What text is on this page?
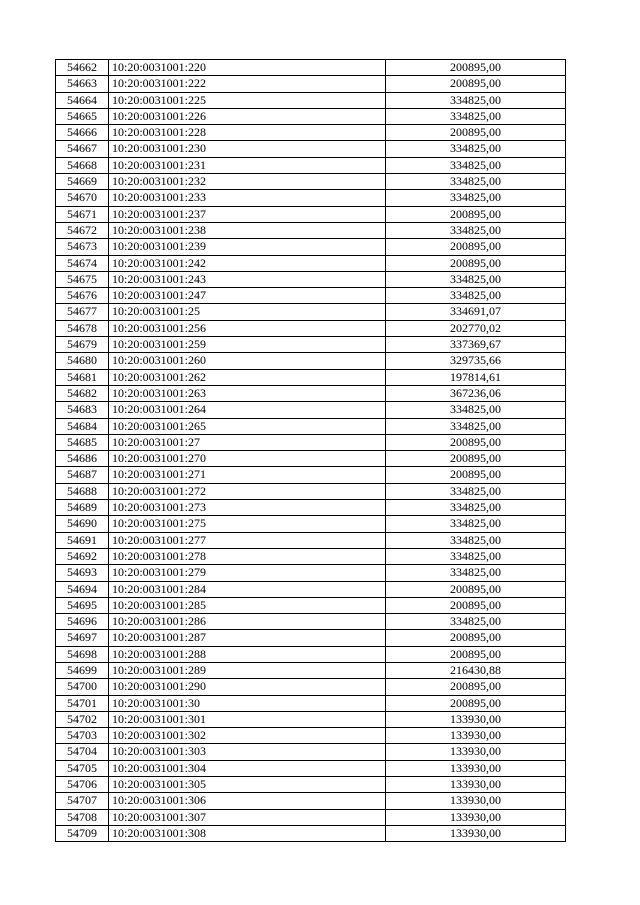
54662	10:20:0031001:220	200895,00
54663	10:20:0031001:222	200895,00
54664	10:20:0031001:225	334825,00
54665	10:20:0031001:226	334825,00
54666	10:20:0031001:228	200895,00
54667	10:20:0031001:230	334825,00
54668	10:20:0031001:231	334825,00
54669	10:20:0031001:232	334825,00
54670	10:20:0031001:233	334825,00
54671	10:20:0031001:237	200895,00
54672	10:20:0031001:238	334825,00
54673	10:20:0031001:239	200895,00
54674	10:20:0031001:242	200895,00
54675	10:20:0031001:243	334825,00
54676	10:20:0031001:247	334825,00
54677	10:20:0031001:25	334691,07
54678	10:20:0031001:256	202770,02
54679	10:20:0031001:259	337369,67
54680	10:20:0031001:260	329735,66
54681	10:20:0031001:262	197814,61
54682	10:20:0031001:263	367236,06
54683	10:20:0031001:264	334825,00
54684	10:20:0031001:265	334825,00
54685	10:20:0031001:27	200895,00
54686	10:20:0031001:270	200895,00
54687	10:20:0031001:271	200895,00
54688	10:20:0031001:272	334825,00
54689	10:20:0031001:273	334825,00
54690	10:20:0031001:275	334825,00
54691	10:20:0031001:277	334825,00
54692	10:20:0031001:278	334825,00
54693	10:20:0031001:279	334825,00
54694	10:20:0031001:284	200895,00
54695	10:20:0031001:285	200895,00
54696	10:20:0031001:286	334825,00
54697	10:20:0031001:287	200895,00
54698	10:20:0031001:288	200895,00
54699	10:20:0031001:289	216430,88
54700	10:20:0031001:290	200895,00
54701	10:20:0031001:30	200895,00
54702	10:20:0031001:301	133930,00
54703	10:20:0031001:302	133930,00
54704	10:20:0031001:303	133930,00
54705	10:20:0031001:304	133930,00
54706	10:20:0031001:305	133930,00
54707	10:20:0031001:306	133930,00
54708	10:20:0031001:307	133930,00
54709	10:20:0031001:308	133930,00
